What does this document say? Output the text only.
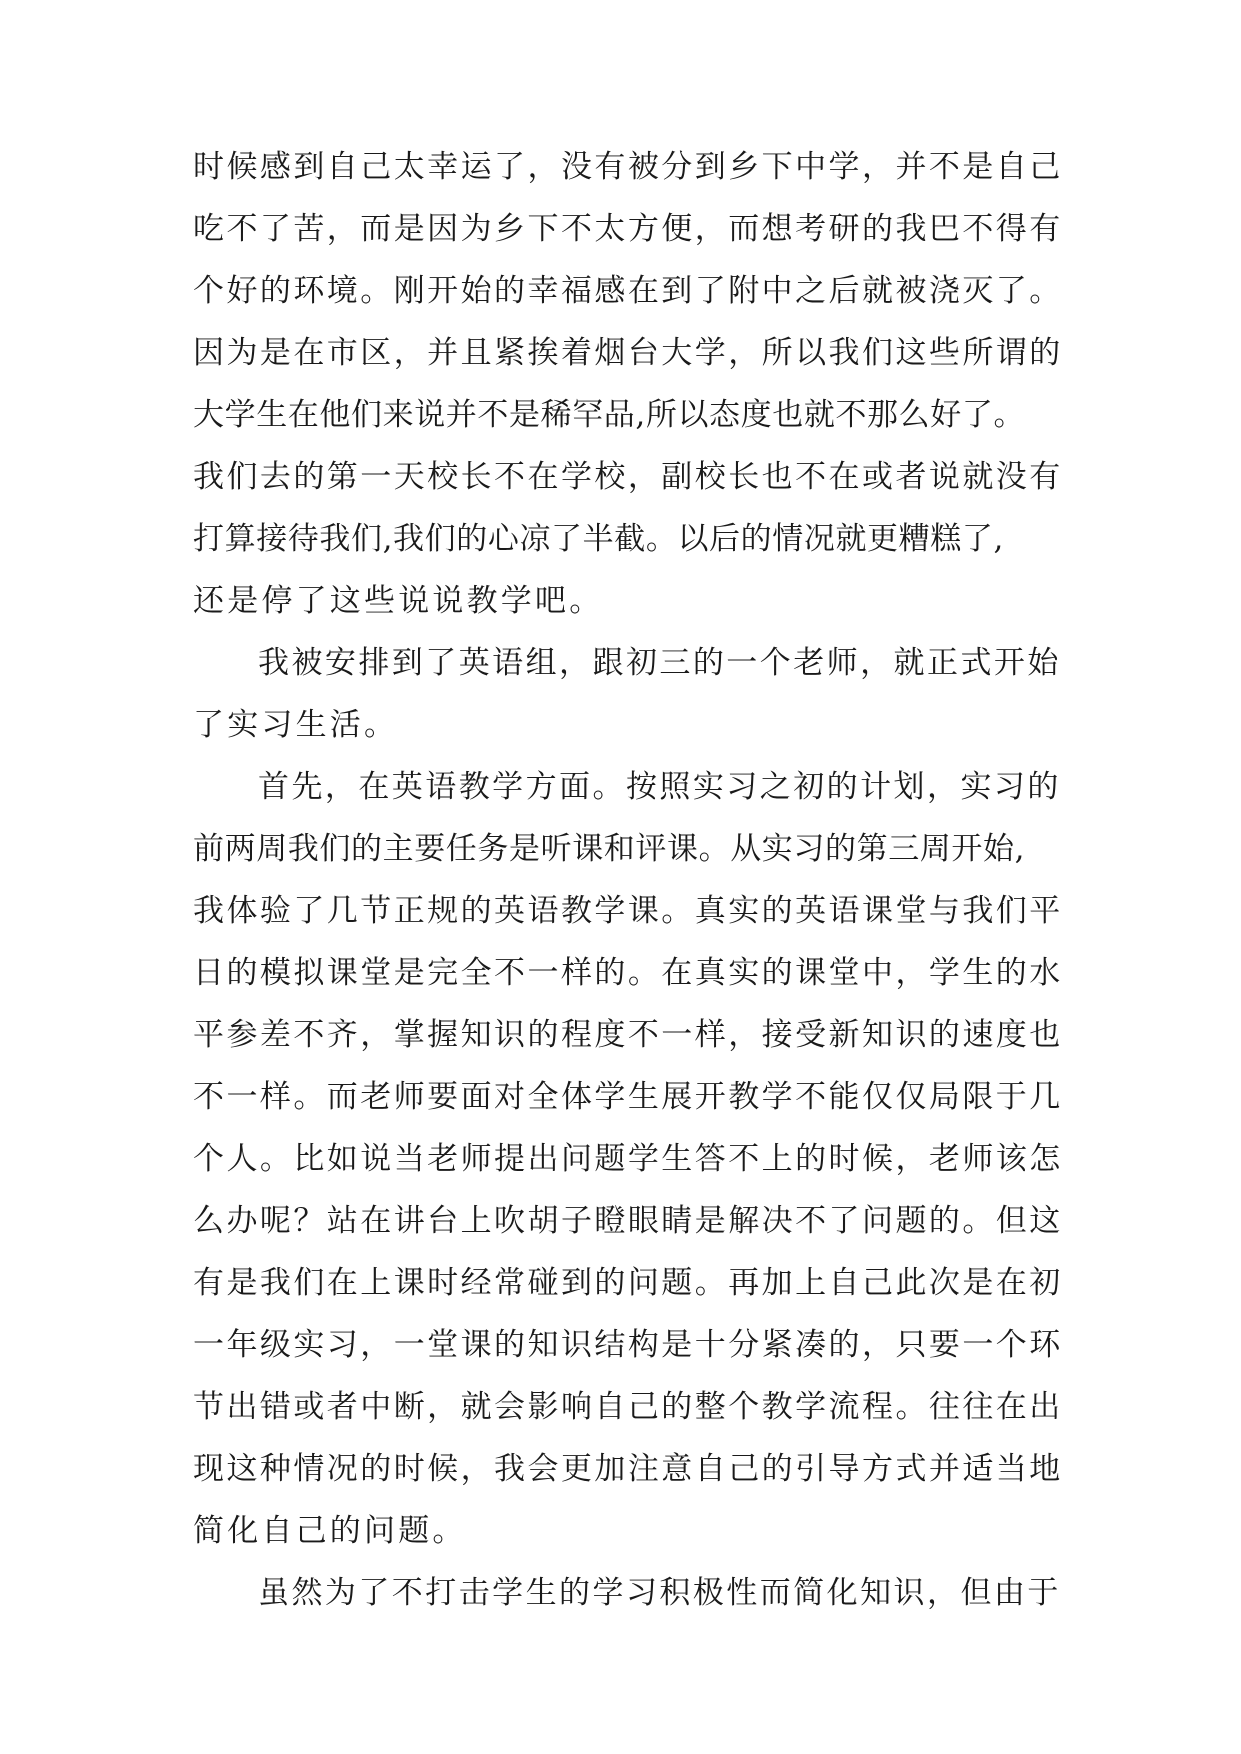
时候感到自己太幸运了，没有被分到乡下中学，并不是自己
吃不了苦，而是因为乡下不太方便，而想考研的我巴不得有
个好的环境。刚开始的幸福感在到了附中之后就被浇灭了。
因为是在市区，并且紧挨着烟台大学，所以我们这些所谓的
大学生在他们来说并不是稀罕品,所以态度也就不那么好了。
我们去的第一天校长不在学校，副校长也不在或者说就没有
打算接待我们,我们的心凉了半截。以后的情况就更糟糕了,
还是停了这些说说教学吧。
我被安排到了英语组，跟初三的一个老师，就正式开始
了实习生活。
首先，在英语教学方面。按照实习之初的计划，实习的
前两周我们的主要任务是听课和评课。从实习的第三周开始,
我体验了几节正规的英语教学课。真实的英语课堂与我们平
日的模拟课堂是完全不一样的。在真实的课堂中，学生的水
平参差不齐，掌握知识的程度不一样，接受新知识的速度也
不一样。而老师要面对全体学生展开教学不能仅仅局限于几
个人。比如说当老师提出问题学生答不上的时候，老师该怎
么办呢？站在讲台上吹胡子瞪眼睛是解决不了问题的。但这
有是我们在上课时经常碰到的问题。再加上自己此次是在初
一年级实习，一堂课的知识结构是十分紧凑的，只要一个环
节出错或者中断，就会影响自己的整个教学流程。往往在出
现这种情况的时候，我会更加注意自己的引导方式并适当地
简化自己的问题。
虽然为了不打击学生的学习积极性而简化知识，但由于
